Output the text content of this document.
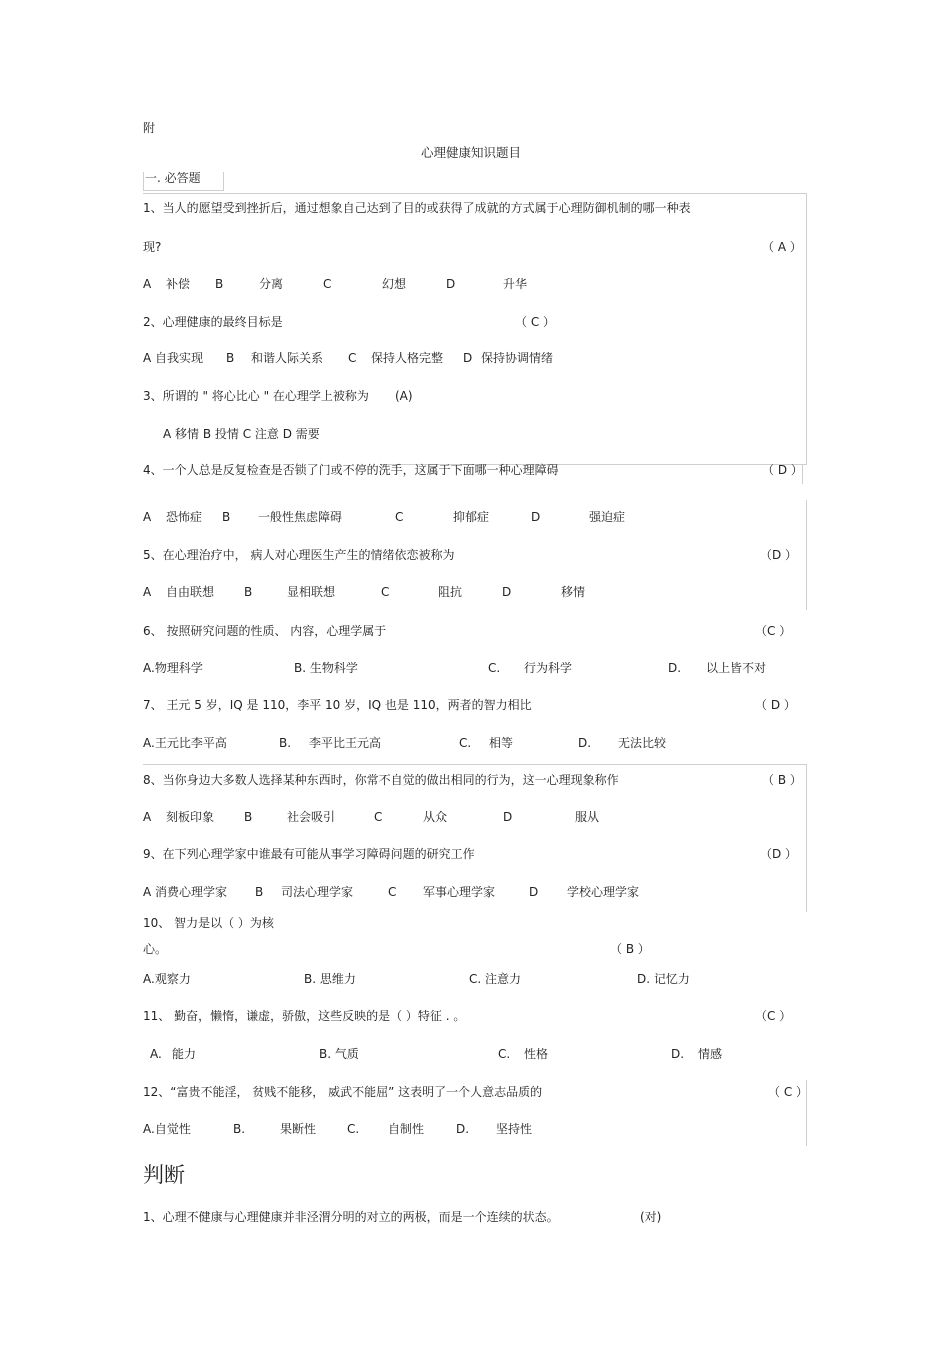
附
心理健康知识题目
一. 必答题
1、当人的愿望受到挫折后，通过想象自己达到了目的或获得了成就的方式属于心理防御机制的哪一种表
现?	（ A ）
A 补偿 B	分离	C	幻想	D	升华
2、心理健康的最终目标是	（ C ）
A 自我实现 B 和谐人际关系 C 保持人格完整 D 保持协调情绪
3、所谓的 " 将心比心 " 在心理学上被称为 (A)
A 移情 B 投情 C 注意 D 需要
4、一个人总是反复检查是否锁了门或不停的洗手，这属于下面哪一种心理障碍	（ D ）
A 恐怖症 B 一般性焦虑障碍	C	抑郁症	D	强迫症
5、在心理治疗中， 病人对心理医生产生的情绪依恋被称为	（D ）
A 自由联想 B	显相联想	C	阻抗	D	移情
6、 按照研究问题的性质、 内容，心理学属于	（C ）
A.物理科学	B. 生物科学	C. 行为科学	D. 以上皆不对
7、 王元 5 岁，IQ 是 110，李平 10 岁，IQ 也是 110，两者的智力相比	（ D ）
A.王元比李平高	B. 李平比王元高	C. 相等	D. 无法比较
8、当你身边大多数人选择某种东西时，你常不自觉的做出相同的行为，这一心理现象称作	（ B ）
A 刻板印象 B	社会吸引	C	从众	D	服从
9、在下列心理学家中谁最有可能从事学习障碍问题的研究工作	（D ）
A 消费心理学家 B 司法心理学家	C 军事心理学家	D 学校心理学家
10、 智力是以（ ）为核
心。	（ B ）
A.观察力	B. 思维力	C. 注意力	D. 记忆力
11、 勤奋，懒惰，谦虚，骄傲，这些反映的是（ ）特征 . 。	（C ）
A. 能力	B. 气质	C. 性格	D. 情感
12、“富贵不能淫， 贫贱不能移， 威武不能屈” 这表明了一个人意志品质的	（ C ）
A.自觉性	B.	果断性	C. 自制性	D. 坚持性
判断
1、心理不健康与心理健康并非泾渭分明的对立的两极，而是一个连续的状态。	(对)
